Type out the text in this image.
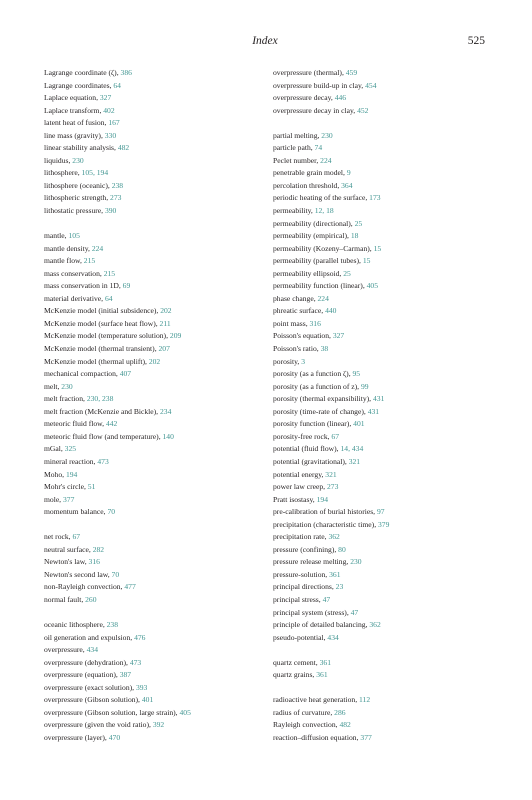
Index	525
Lagrange coordinate (ζ), 386
Lagrange coordinates, 64
Laplace equation, 327
Laplace transform, 402
latent heat of fusion, 167
line mass (gravity), 330
linear stability analysis, 482
liquidus, 230
lithosphere, 105, 194
lithosphere (oceanic), 238
lithospheric strength, 273
lithostatic pressure, 390
mantle, 105
mantle density, 224
mantle flow, 215
mass conservation, 215
mass conservation in 1D, 69
material derivative, 64
McKenzie model (initial subsidence), 202
McKenzie model (surface heat flow), 211
McKenzie model (temperature solution), 209
McKenzie model (thermal transient), 207
McKenzie model (thermal uplift), 202
mechanical compaction, 407
melt, 230
melt fraction, 230, 238
melt fraction (McKenzie and Bickle), 234
meteoric fluid flow, 442
meteoric fluid flow (and temperature), 140
mGal, 325
mineral reaction, 473
Moho, 194
Mohr's circle, 51
mole, 377
momentum balance, 70
net rock, 67
neutral surface, 282
Newton's law, 316
Newton's second law, 70
non-Rayleigh convection, 477
normal fault, 260
oceanic lithosphere, 238
oil generation and expulsion, 476
overpressure, 434
overpressure (dehydration), 473
overpressure (equation), 387
overpressure (exact solution), 393
overpressure (Gibson solution), 401
overpressure (Gibson solution, large strain), 405
overpressure (given the void ratio), 392
overpressure (layer), 470
overpressure (thermal), 459
overpressure build-up in clay, 454
overpressure decay, 446
overpressure decay in clay, 452
partial melting, 230
particle path, 74
Peclet number, 224
penetrable grain model, 9
percolation threshold, 364
periodic heating of the surface, 173
permeability, 12, 18
permeability (directional), 25
permeability (empirical), 18
permeability (Kozeny–Carman), 15
permeability (parallel tubes), 15
permeability ellipsoid, 25
permeability function (linear), 405
phase change, 224
phreatic surface, 440
point mass, 316
Poisson's equation, 327
Poisson's ratio, 38
porosity, 3
porosity (as a function ζ), 95
porosity (as a function of z), 99
porosity (thermal expansibility), 431
porosity (time-rate of change), 431
porosity function (linear), 401
porosity-free rock, 67
potential (fluid flow), 14, 434
potential (gravitational), 321
potential energy, 321
power law creep, 273
Pratt isostasy, 194
pre-calibration of burial histories, 97
precipitation (characteristic time), 379
precipitation rate, 362
pressure (confining), 80
pressure release melting, 230
pressure-solution, 361
principal directions, 23
principal stress, 47
principal system (stress), 47
principle of detailed balancing, 362
pseudo-potential, 434
quartz cement, 361
quartz grains, 361
radioactive heat generation, 112
radius of curvature, 286
Rayleigh convection, 482
reaction–diffusion equation, 377
